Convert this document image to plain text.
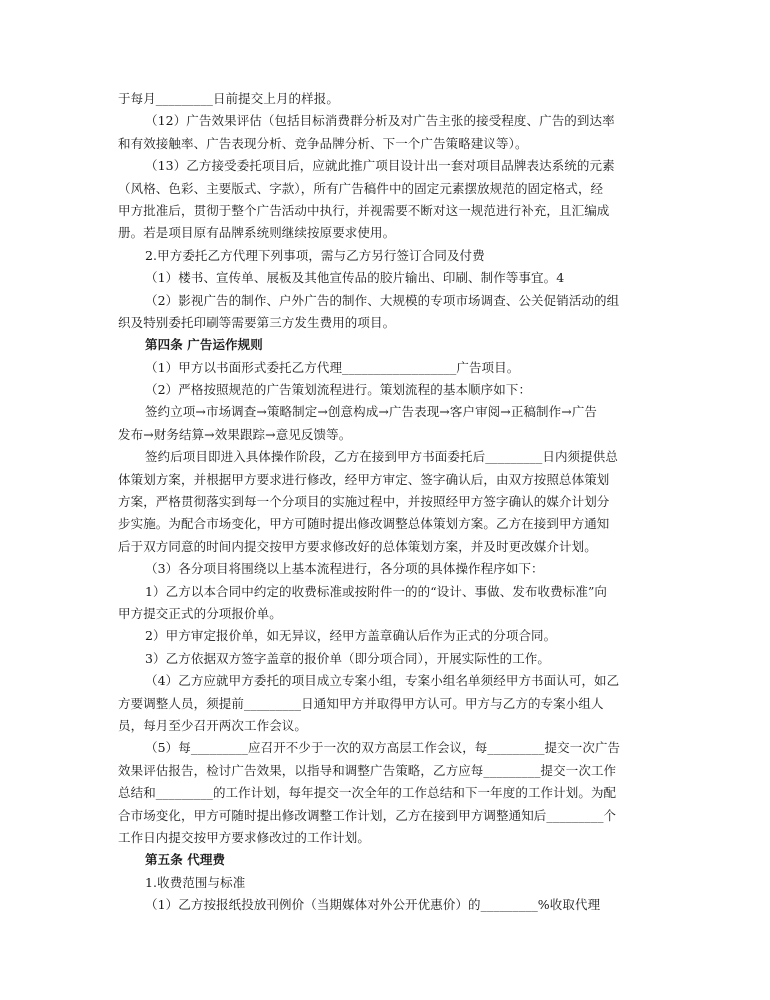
于每月_________日前提交上月的样报。
（12）广告效果评估（包括目标消费群分析及对广告主张的接受程度、广告的到达率
和有效接触率、广告表现分析、竞争品牌分析、下一个广告策略建议等）。
（13）乙方接受委托项目后，应就此推广项目设计出一套对项目品牌表达系统的元素
（风格、色彩、主要版式、字款），所有广告稿件中的固定元素摆放规范的固定格式，经
甲方批准后，贯彻于整个广告活动中执行，并视需要不断对这一规范进行补充，且汇编成
册。若是项目原有品牌系统则继续按原要求使用。
2.甲方委托乙方代理下列事项，需与乙方另行签订合同及付费
（1）楼书、宣传单、展板及其他宣传品的胶片输出、印刷、制作等事宜。4
（2）影视广告的制作、户外广告的制作、大规模的专项市场调查、公关促销活动的组
织及特别委托印刷等需要第三方发生费用的项目。
第四条 广告运作规则
（1）甲方以书面形式委托乙方代理__________________广告项目。
（2）严格按照规范的广告策划流程进行。策划流程的基本顺序如下：
签约立项→市场调查→策略制定→创意构成→广告表现→客户审阅→正稿制作→广告
发布→财务结算→效果跟踪→意见反馈等。
签约后项目即进入具体操作阶段，乙方在接到甲方书面委托后_________日内须提供总
体策划方案，并根据甲方要求进行修改，经甲方审定、签字确认后，由双方按照总体策划
方案，严格贯彻落实到每一个分项目的实施过程中，并按照经甲方签字确认的媒介计划分
步实施。为配合市场变化，甲方可随时提出修改调整总体策划方案。乙方在接到甲方通知
后于双方同意的时间内提交按甲方要求修改好的总体策划方案，并及时更改媒介计划。
（3）各分项目将围绕以上基本流程进行，各分项的具体操作程序如下：
1）乙方以本合同中约定的收费标准或按附件一的的“设计、事做、发布收费标准”向
甲方提交正式的分项报价单。
2）甲方审定报价单，如无异议，经甲方盖章确认后作为正式的分项合同。
3）乙方依据双方签字盖章的报价单（即分项合同），开展实际性的工作。
（4）乙方应就甲方委托的项目成立专案小组，专案小组名单须经甲方书面认可，如乙
方要调整人员，须提前_________日通知甲方并取得甲方认可。甲方与乙方的专案小组人
员，每月至少召开两次工作会议。
（5）每_________应召开不少于一次的双方高层工作会议，每_________提交一次广告
效果评估报告，检讨广告效果，以指导和调整广告策略，乙方应每_________提交一次工作
总结和_________的工作计划，每年提交一次全年的工作总结和下一年度的工作计划。为配
合市场变化，甲方可随时提出修改调整工作计划，乙方在接到甲方调整通知后_________个
工作日内提交按甲方要求修改过的工作计划。
第五条 代理费
1.收费范围与标准
（1）乙方按报纸投放刊例价（当期媒体对外公开优惠价）的_________%收取代理
